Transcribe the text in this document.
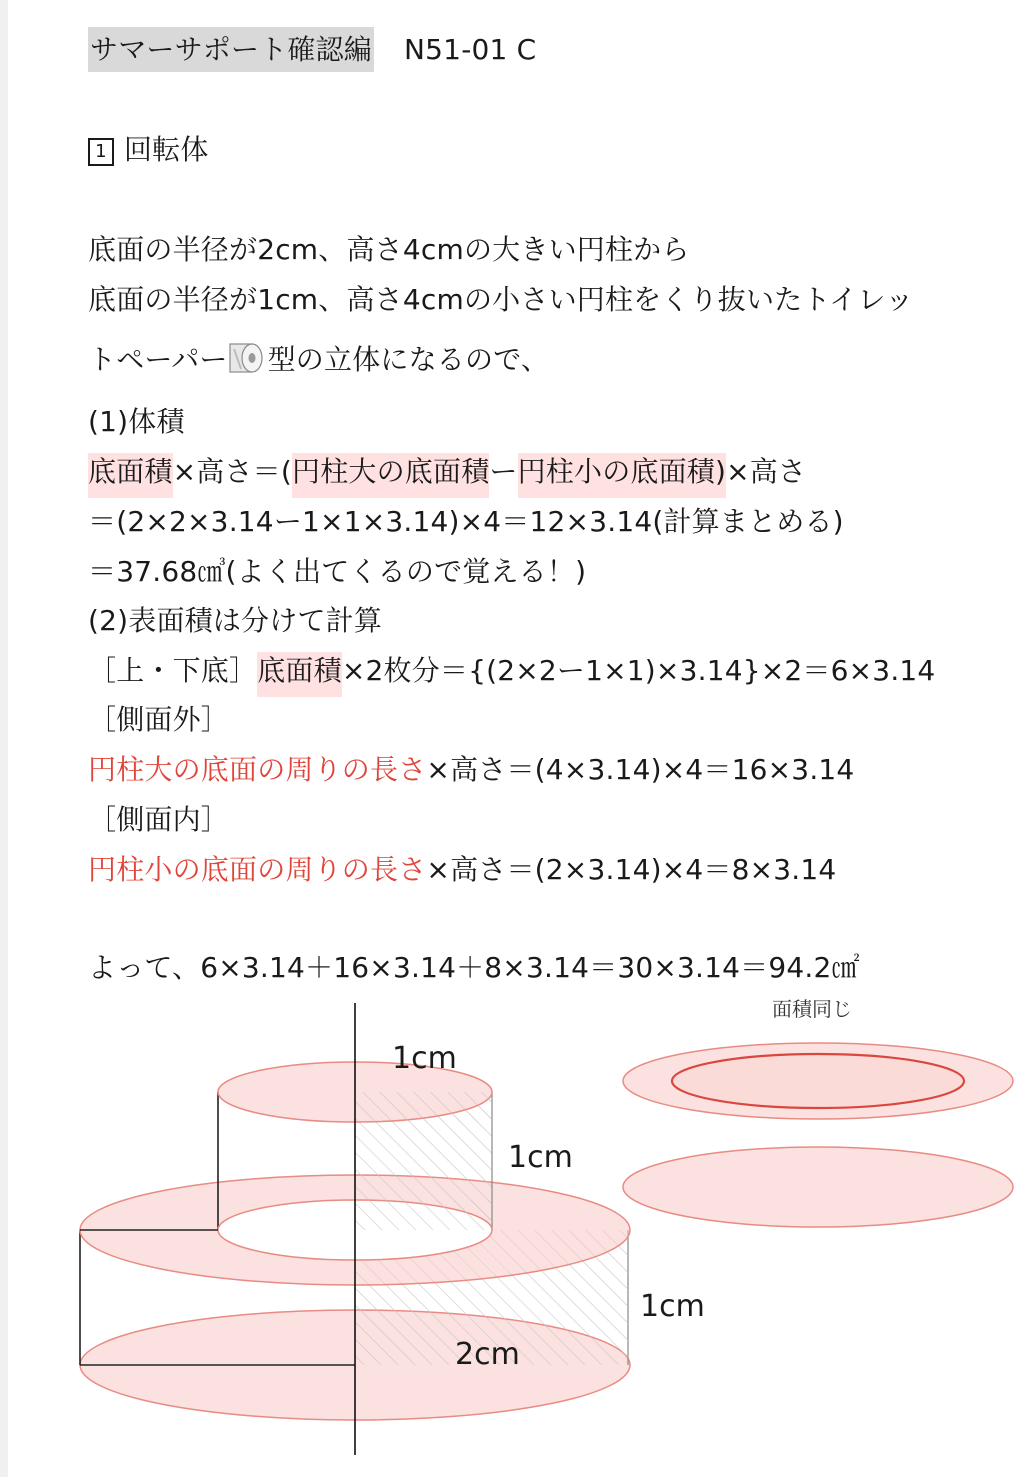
サマーサポート確認編 N51-01 C
1 回転体
底面の半径が2cm、高さ4cmの大きい円柱から
底面の半径が1cm、高さ4cmの小さい円柱をくり抜いたトイレッ
トペーパー 型の立体になるので、
(1)体積
底面積×高さ＝(円柱大の底面積ー円柱小の底面積)×高さ
＝(2×2×3.14ー1×1×3.14)×4＝12×3.14(計算まとめる)
＝37.68㎤(よく出てくるので覚える！)
(2)表面積は分けて計算
［上・下底］底面積×2枚分＝{(2×2ー1×1)×3.14}×2＝6×3.14
［側面外］
円柱大の底面の周りの長さ×高さ＝(4×3.14)×4＝16×3.14
［側面内］
円柱小の底面の周りの長さ×高さ＝(2×3.14)×4＝8×3.14
よって、6×3.14＋16×3.14＋8×3.14＝30×3.14＝94.2㎠
面積同じ
1cm
1cm
1cm
2cm
